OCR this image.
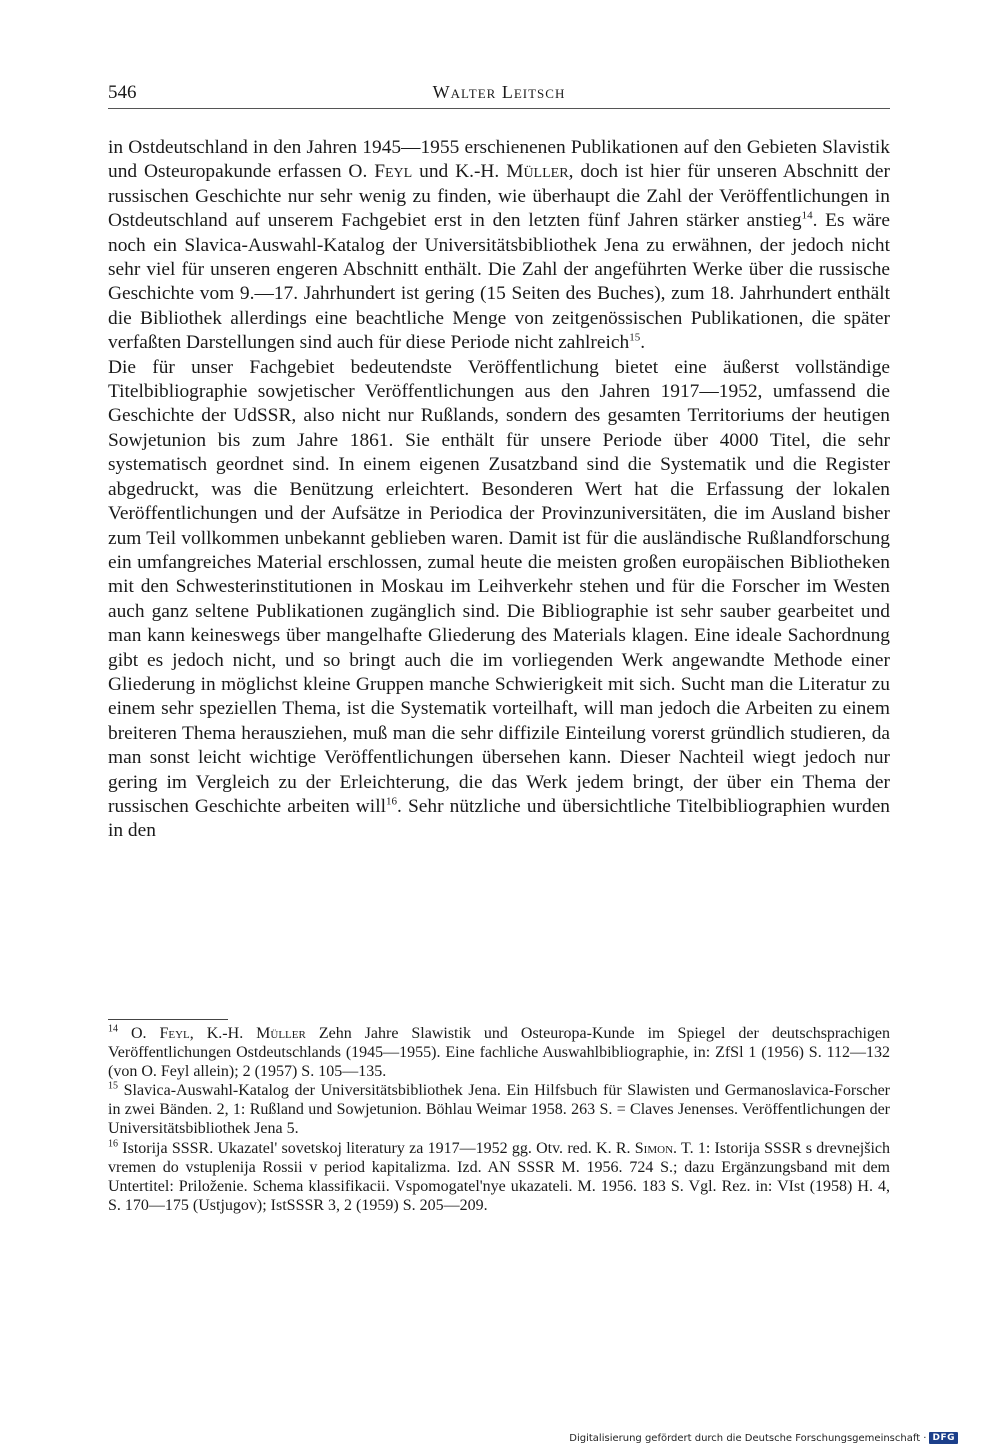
546	Walter Leitsch

in Ostdeutschland in den Jahren 1945—1955 erschienenen Publikationen auf den Gebieten Slavistik und Osteuropakunde erfassen O. Feyl und K.-H. Müller, doch ist hier für unseren Abschnitt der russischen Geschichte nur sehr wenig zu finden, wie überhaupt die Zahl der Veröffentlichungen in Ostdeutschland auf unserem Fachgebiet erst in den letzten fünf Jahren stärker anstieg$^{14}$. Es wäre noch ein Slavica-Auswahl-Katalog der Universitätsbibliothek Jena zu erwähnen, der jedoch nicht sehr viel für unseren engeren Abschnitt enthält. Die Zahl der angeführten Werke über die russische Geschichte vom 9.—17. Jahrhundert ist gering (15 Seiten des Buches), zum 18. Jahrhundert enthält die Bibliothek allerdings eine beachtliche Menge von zeitgenössischen Publikationen, die später verfaßten Darstellungen sind auch für diese Periode nicht zahlreich$^{15}$.

Die für unser Fachgebiet bedeutendste Veröffentlichung bietet eine äußerst vollständige Titelbibliographie sowjetischer Veröffentlichungen aus den Jahren 1917—1952, umfassend die Geschichte der UdSSR, also nicht nur Rußlands, sondern des gesamten Territoriums der heutigen Sowjetunion bis zum Jahre 1861. Sie enthält für unsere Periode über 4000 Titel, die sehr systematisch geordnet sind. In einem eigenen Zusatzband sind die Systematik und die Register abgedruckt, was die Benützung erleichtert. Besonderen Wert hat die Erfassung der lokalen Veröffentlichungen und der Aufsätze in Periodica der Provinzuniversitäten, die im Ausland bisher zum Teil vollkommen unbekannt geblieben waren. Damit ist für die ausländische Rußlandforschung ein umfangreiches Material erschlossen, zumal heute die meisten großen europäischen Bibliotheken mit den Schwesterinstitutionen in Moskau im Leihverkehr stehen und für die Forscher im Westen auch ganz seltene Publikationen zugänglich sind. Die Bibliographie ist sehr sauber gearbeitet und man kann keineswegs über mangelhafte Gliederung des Materials klagen. Eine ideale Sachordnung gibt es jedoch nicht, und so bringt auch die im vorliegenden Werk angewandte Methode einer Gliederung in möglichst kleine Gruppen manche Schwierigkeit mit sich. Sucht man die Literatur zu einem sehr speziellen Thema, ist die Systematik vorteilhaft, will man jedoch die Arbeiten zu einem breiteren Thema herausziehen, muß man die sehr diffizile Einteilung vorerst gründlich studieren, da man sonst leicht wichtige Veröffentlichungen übersehen kann. Dieser Nachteil wiegt jedoch nur gering im Vergleich zu der Erleichterung, die das Werk jedem bringt, der über ein Thema der russischen Geschichte arbeiten will$^{16}$. Sehr nützliche und übersichtliche Titelbibliographien wurden in den

$^{14}$ O. Feyl, K.-H. Müller Zehn Jahre Slawistik und Osteuropa-Kunde im Spiegel der deutschsprachigen Veröffentlichungen Ostdeutschlands (1945—1955). Eine fachliche Auswahlbibliographie, in: ZfSl 1 (1956) S. 112—132 (von O. Feyl allein); 2 (1957) S. 105—135.

$^{15}$ Slavica-Auswahl-Katalog der Universitätsbibliothek Jena. Ein Hilfsbuch für Slawisten und Germanoslavica-Forscher in zwei Bänden. 2, 1: Rußland und Sowjetunion. Böhlau Weimar 1958. 263 S. = Claves Jenenses. Veröffentlichungen der Universitätsbibliothek Jena 5.

$^{16}$ Istorija SSSR. Ukazatel' sovetskoj literatury za 1917—1952 gg. Otv. red. K. R. Simon. T. 1: Istorija SSSR s drevnejšich vremen do vstuplenija Rossii v period kapitalizma. Izd. AN SSSR M. 1956. 724 S.; dazu Ergänzungsband mit dem Untertitel: Priloženie. Schema klassifikacii. Vspomogatel'nye ukazateli. M. 1956. 183 S. Vgl. Rez. in: VIst (1958) H. 4, S. 170—175 (Ustjugov); IstSSSR 3, 2 (1959) S. 205—209.

Digitalisierung gefördert durch die Deutsche Forschungsgemeinschaft · DFG
